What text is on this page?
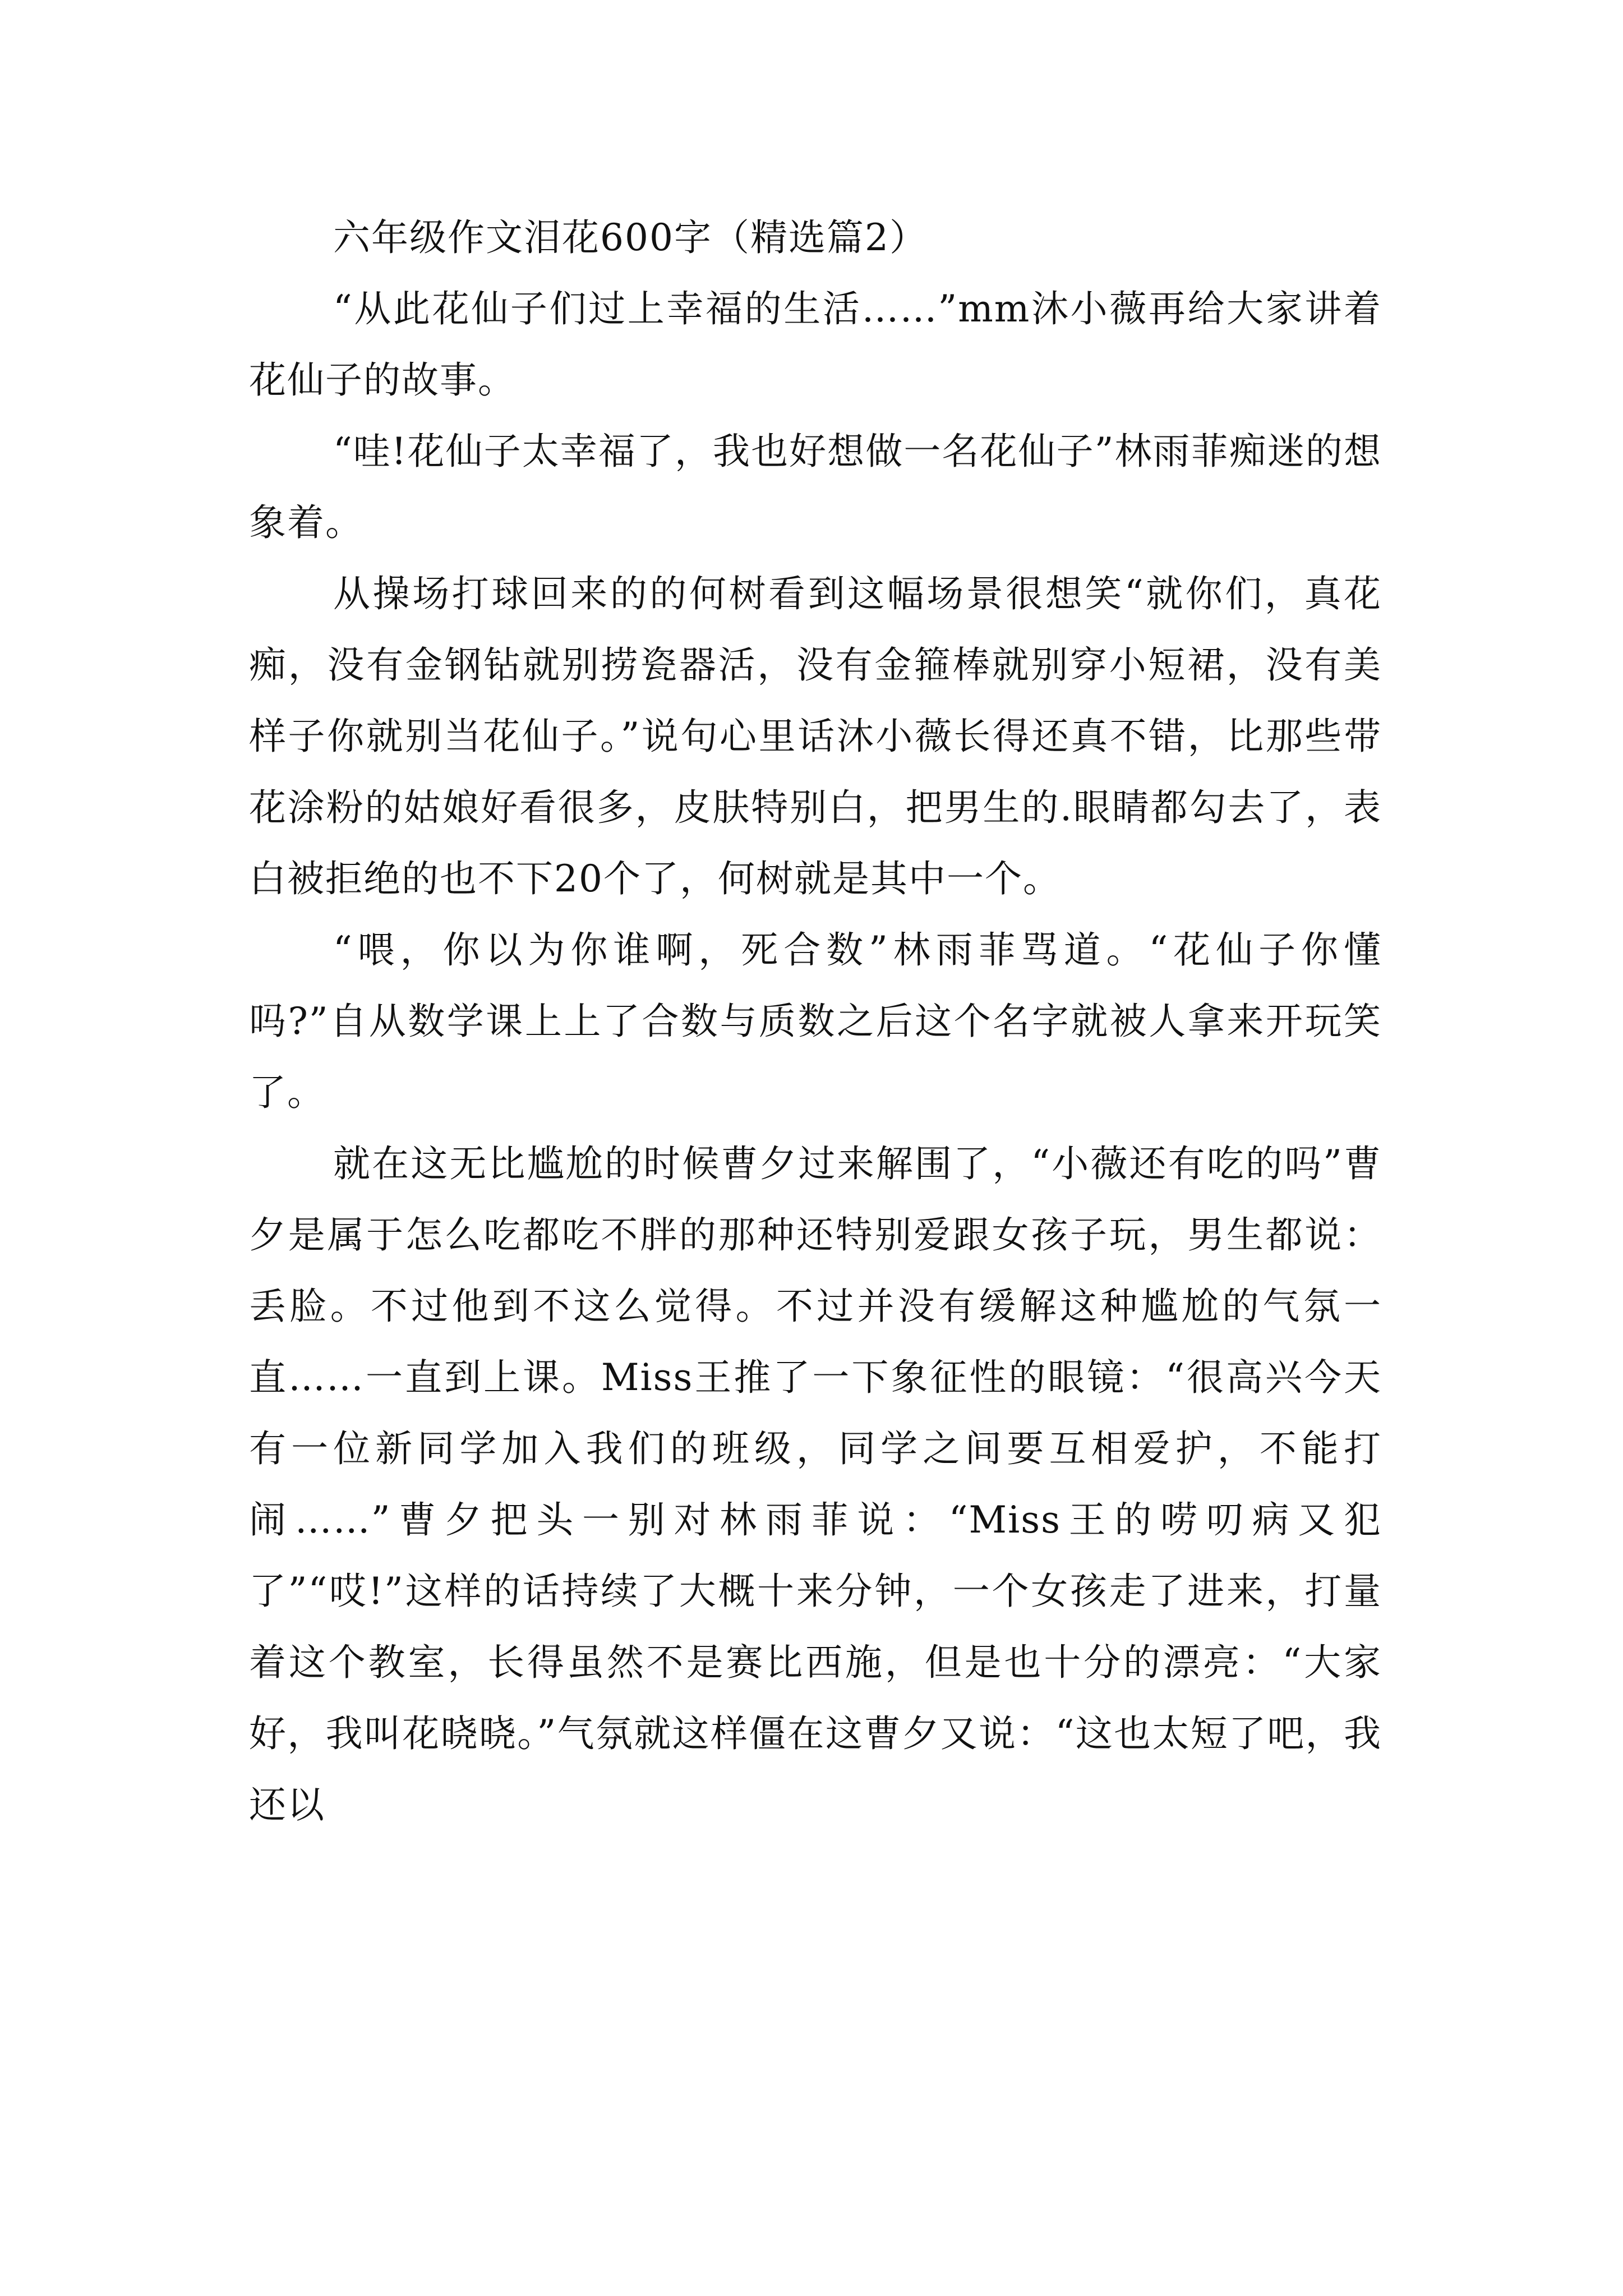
六年级作文泪花600字（精选篇2）

“从此花仙子们过上幸福的生活……”mm沐小薇再给大家讲着花仙子的故事。

“哇!花仙子太幸福了，我也好想做一名花仙子”林雨菲痴迷的想象着。

从操场打球回来的的何树看到这幅场景很想笑“就你们，真花痴，没有金钢钻就别捞瓷器活，没有金箍棒就别穿小短裙，没有美样子你就别当花仙子。”说句心里话沐小薇长得还真不错，比那些带花涂粉的姑娘好看很多，皮肤特别白，把男生的.眼睛都勾去了，表白被拒绝的也不下20个了，何树就是其中一个。

“喂，你以为你谁啊，死合数”林雨菲骂道。“花仙子你懂吗?”自从数学课上上了合数与质数之后这个名字就被人拿来开玩笑了。

就在这无比尴尬的时候曹夕过来解围了，“小薇还有吃的吗”曹夕是属于怎么吃都吃不胖的那种还特别爱跟女孩子玩，男生都说：丢脸。不过他到不这么觉得。不过并没有缓解这种尴尬的气氛一直……一直到上课。Miss王推了一下象征性的眼镜：“很高兴今天有一位新同学加入我们的班级，同学之间要互相爱护，不能打闹……”曹夕把头一别对林雨菲说：“Miss王的唠叨病又犯了”“哎!”这样的话持续了大概十来分钟，一个女孩走了进来，打量着这个教室，长得虽然不是赛比西施，但是也十分的漂亮：“大家好，我叫花晓晓。”气氛就这样僵在这曹夕又说：“这也太短了吧，我还以
